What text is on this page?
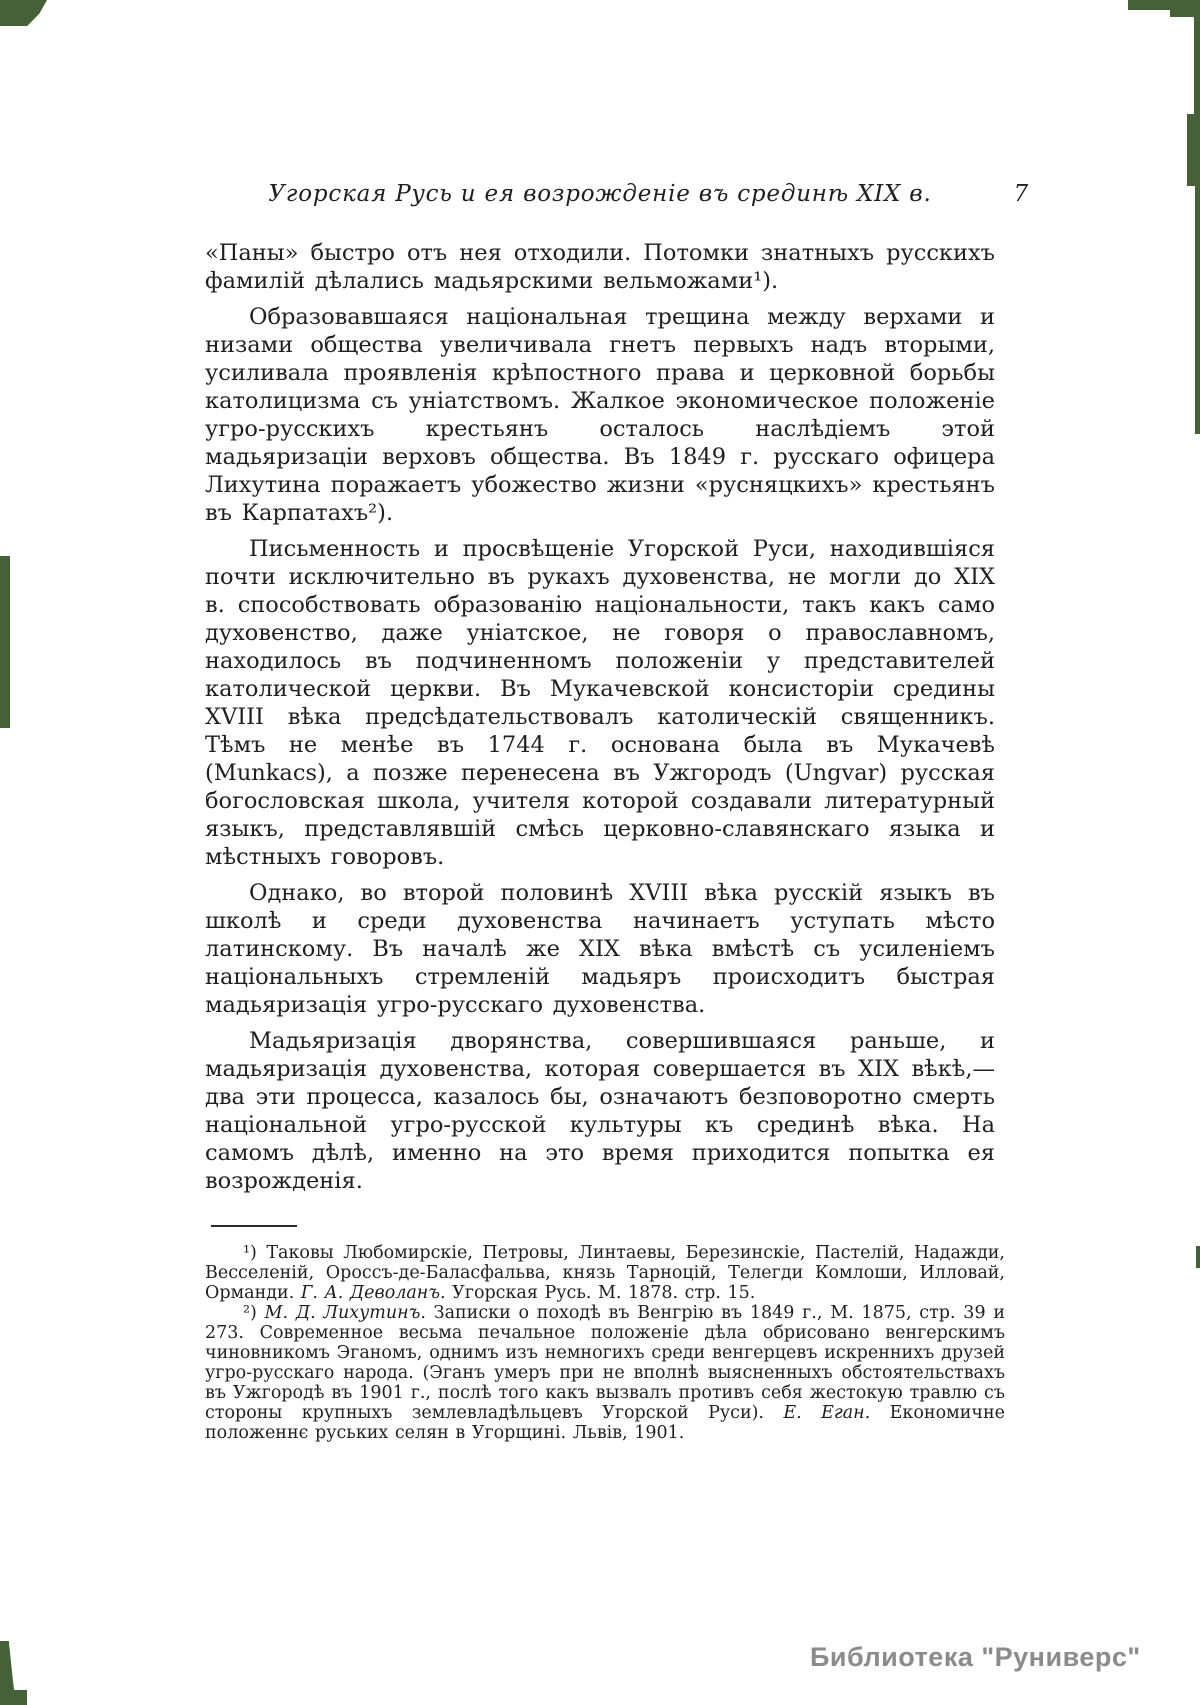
Угорская Русь и ея возрожденіе въ срединѣ XIX в.	7

«Паны» быстро отъ нея отходили. Потомки знатныхъ русскихъ фамилій дѣлались мадьярскими вельможами¹).

Образовавшаяся національная трещина между верхами и низами общества увеличивала гнетъ первыхъ надъ вторыми, усиливала проявленія крѣпостного права и церковной борьбы католицизма съ уніатствомъ. Жалкое экономическое положеніе угро-русскихъ крестьянъ осталось наслѣдіемъ этой мадьяризаціи верховъ общества. Въ 1849 г. русскаго офицера Лихутина поражаетъ убожество жизни «русняцкихъ» крестьянъ въ Карпатахъ²).

Письменность и просвѣщеніе Угорской Руси, находившіяся почти исключительно въ рукахъ духовенства, не могли до XIX в. способствовать образованію національности, такъ какъ само духовенство, даже уніатское, не говоря о православномъ, находилось въ подчиненномъ положеніи у представителей католической церкви. Въ Мукачевской консисторіи средины XVIII вѣка предсѣдательствовалъ католическій священникъ. Тѣмъ не менѣе въ 1744 г. основана была въ Мукачевѣ (Munkacs), а позже перенесена въ Ужгородъ (Ungvar) русская богословская школа, учителя которой создавали литературный языкъ, представлявшій смѣсь церковно-славянскаго языка и мѣстныхъ говоровъ.

Однако, во второй половинѣ XVIII вѣка русскій языкъ въ школѣ и среди духовенства начинаетъ уступать мѣсто латинскому. Въ началѣ же XIX вѣка вмѣстѣ съ усиленіемъ національныхъ стремленій мадьяръ происходитъ быстрая мадьяризація угро-русскаго духовенства.

Мадьяризація дворянства, совершившаяся раньше, и мадьяризація духовенства, которая совершается въ XIX вѣкѣ,—два эти процесса, казалось бы, означаютъ безповоротно смерть національной угро-русской культуры къ срединѣ вѣка. На самомъ дѣлѣ, именно на это время приходится попытка ея возрожденія.

¹) Таковы Любомирскіе, Петровы, Линтаевы, Березинскіе, Пастелій, Надажди, Весселеній, Ороссъ-де-Баласфальва, князь Тарноцій, Телегди Комлоши, Илловай, Орманди. Г. А. Деволанъ. Угорская Русь. М. 1878. стр. 15.

²) М. Д. Лихутинъ. Записки о походѣ въ Венгрію въ 1849 г., М. 1875, стр. 39 и 273. Современное весьма печальное положеніе дѣла обрисовано венгерскимъ чиновникомъ Эганомъ, однимъ изъ немногихъ среди венгерцевъ искреннихъ друзей угро-русскаго народа. (Эганъ умеръ при не вполнѣ выясненныхъ обстоятельствахъ въ Ужгородѣ въ 1901 г., послѣ того какъ вызвалъ противъ себя жестокую травлю съ стороны крупныхъ землевладѣльцевъ Угорской Руси). Е. Еган. Економичне положеннє руських селян в Угорщині. Львів, 1901.

Библиотека "Руниверс"
